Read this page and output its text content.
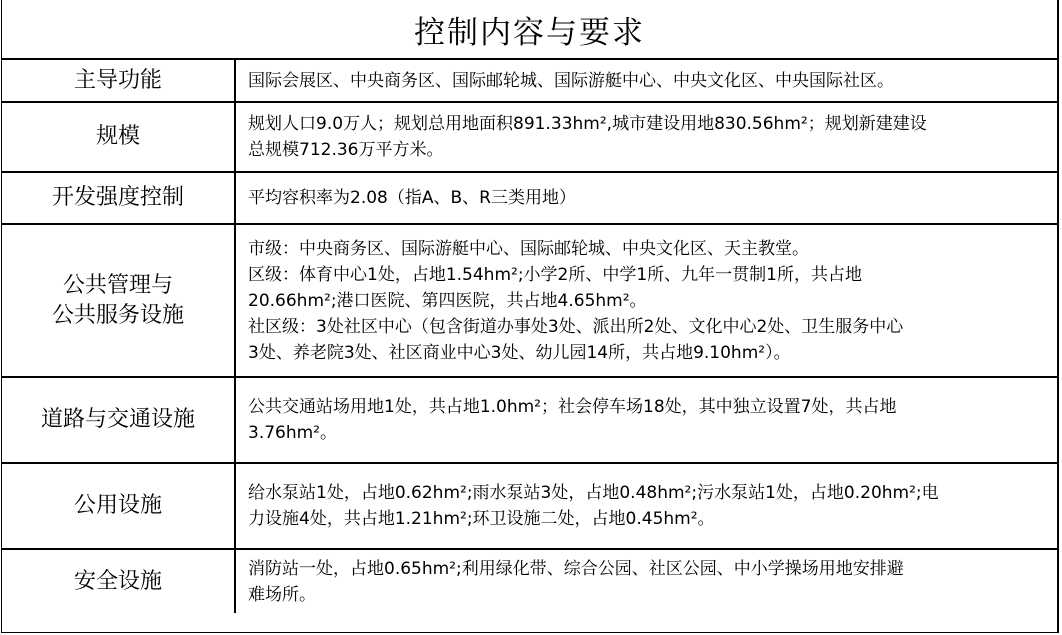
控制内容与要求
主导功能	国际会展区、中央商务区、国际邮轮城、国际游艇中心、中央文化区、中央国际社区。

规模	规划人口9.0万人；规划总用地面积891.33hm²,城市建设用地830.56hm²；规划新建建设
总规模712.36万平方米。

开发强度控制	平均容积率为2.08（指A、B、R三类用地）

公共管理与
公共服务设施	市级：中央商务区、国际游艇中心、国际邮轮城、中央文化区、天主教堂。
区级：体育中心1处，占地1.54hm²;小学2所、中学1所、九年一贯制1所，共占地
20.66hm²;港口医院、第四医院，共占地4.65hm²。
社区级：3处社区中心（包含街道办事处3处、派出所2处、文化中心2处、卫生服务中心
3处、养老院3处、社区商业中心3处、幼儿园14所，共占地9.10hm²）。

道路与交通设施	公共交通站场用地1处，共占地1.0hm²；社会停车场18处，其中独立设置7处，共占地
3.76hm²。

公用设施	给水泵站1处，占地0.62hm²;雨水泵站3处，占地0.48hm²;污水泵站1处，占地0.20hm²;电
力设施4处，共占地1.21hm²;环卫设施二处，占地0.45hm²。

安全设施	消防站一处，占地0.65hm²;利用绿化带、综合公园、社区公园、中小学操场用地安排避
难场所。
